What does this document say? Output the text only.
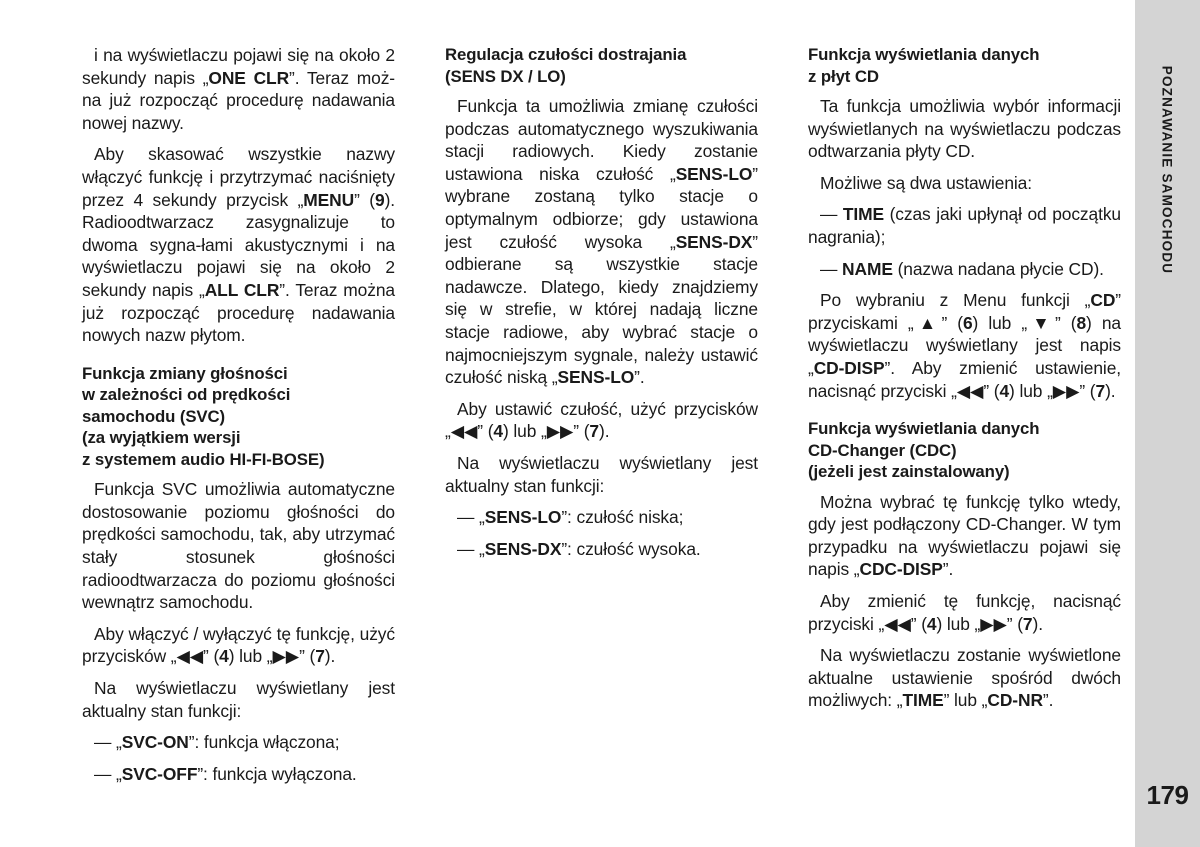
POZNAWANIE SAMOCHODU
179

i na wyświetlaczu pojawi się na około 2 sekundy napis „ONE CLR”. Teraz moż-na już rozpocząć procedurę nadawania nowej nazwy.

Aby skasować wszystkie nazwy włączyć funkcję i przytrzymać naciśnięty przez 4 sekundy przycisk „MENU” (9). Radioodtwarzacz zasygnalizuje to dwoma sygna-łami akustycznymi i na wyświetlaczu pojawi się na około 2 sekundy napis „ALL CLR”. Teraz można już rozpocząć procedurę nadawania nowych nazw płytom.

Funkcja zmiany głośności
w zależności od prędkości
samochodu (SVC)
(za wyjątkiem wersji
z systemem audio HI-FI-BOSE)

Funkcja SVC umożliwia automatyczne dostosowanie poziomu głośności do prędkości samochodu, tak, aby utrzymać stały stosunek głośności radioodtwarzacza do poziomu głośności wewnątrz samochodu.

Aby włączyć / wyłączyć tę funkcję, użyć przycisków „◀◀” (4) lub „▶▶” (7).

Na wyświetlaczu wyświetlany jest aktualny stan funkcji:

— „SVC-ON”: funkcja włączona;

— „SVC-OFF”: funkcja wyłączona.

Regulacja czułości dostrajania
(SENS DX / LO)

Funkcja ta umożliwia zmianę czułości podczas automatycznego wyszukiwania stacji radiowych. Kiedy zostanie ustawiona niska czułość „SENS-LO” wybrane zostaną tylko stacje o optymalnym odbiorze; gdy ustawiona jest czułość wysoka „SENS-DX” odbierane są wszystkie stacje nadawcze. Dlatego, kiedy znajdziemy się w strefie, w której nadają liczne stacje radiowe, aby wybrać stacje o najmocniejszym sygnale, należy ustawić czułość niską „SENS-LO”.

Aby ustawić czułość, użyć przycisków „◀◀” (4) lub „▶▶” (7).

Na wyświetlaczu wyświetlany jest aktualny stan funkcji:

— „SENS-LO”: czułość niska;

— „SENS-DX”: czułość wysoka.

Funkcja wyświetlania danych
z płyt CD

Ta funkcja umożliwia wybór informacji wyświetlanych na wyświetlaczu podczas odtwarzania płyty CD.

Możliwe są dwa ustawienia:

— TIME (czas jaki upłynął od początku nagrania);

— NAME (nazwa nadana płycie CD).

Po wybraniu z Menu funkcji „CD” przyciskami „▲” (6) lub „▼” (8) na wyświetlaczu wyświetlany jest napis „CD-DISP”. Aby zmienić ustawienie, nacisnąć przyciski „◀◀” (4) lub „▶▶” (7).

Funkcja wyświetlania danych
CD-Changer (CDC)
(jeżeli jest zainstalowany)

Można wybrać tę funkcję tylko wtedy, gdy jest podłączony CD-Changer. W tym przypadku na wyświetlaczu pojawi się napis „CDC-DISP”.

Aby zmienić tę funkcję, nacisnąć przyciski „◀◀” (4) lub „▶▶” (7).

Na wyświetlaczu zostanie wyświetlone aktualne ustawienie spośród dwóch możliwych: „TIME” lub „CD-NR”.
